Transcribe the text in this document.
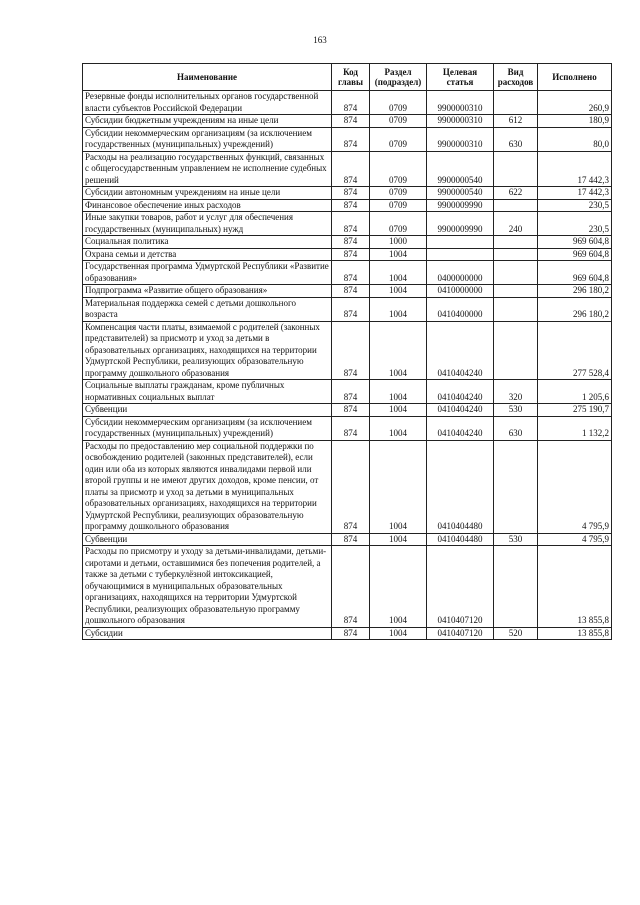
163
Наименование	Код главы	Раздел (подраздел)	Целевая статья	Вид расходов	Исполнено
Резервные фонды исполнительных органов государственной власти субъектов Российской Федерации	874	0709	9900000310		260,9
Субсидии бюджетным учреждениям на иные цели	874	0709	9900000310	612	180,9
Субсидии некоммерческим организациям (за исключением государственных (муниципальных) учреждений)	874	0709	9900000310	630	80,0
Расходы на реализацию государственных функций, связанных с общегосударственным управлением не исполнение судебных решений	874	0709	9900000540		17 442,3
Субсидии автономным учреждениям на иные цели	874	0709	9900000540	622	17 442,3
Финансовое обеспечение иных расходов	874	0709	9900009990		230,5
Иные закупки товаров, работ и услуг для обеспечения государственных (муниципальных) нужд	874	0709	9900009990	240	230,5
Социальная политика	874	1000			969 604,8
Охрана семьи и детства	874	1004			969 604,8
Государственная программа Удмуртской Республики «Развитие образования»	874	1004	0400000000		969 604,8
Подпрограмма «Развитие общего образования»	874	1004	0410000000		296 180,2
Материальная поддержка семей с детьми дошкольного возраста	874	1004	0410400000		296 180,2
Компенсация части платы, взимаемой с родителей (законных представителей) за присмотр и уход за детьми в образовательных организациях, находящихся на территории Удмуртской Республики, реализующих образовательную программу дошкольного образования	874	1004	0410404240		277 528,4
Социальные выплаты гражданам, кроме публичных нормативных социальных выплат	874	1004	0410404240	320	1 205,6
Субвенции	874	1004	0410404240	530	275 190,7
Субсидии некоммерческим организациям (за исключением государственных (муниципальных) учреждений)	874	1004	0410404240	630	1 132,2
Расходы по предоставлению мер социальной поддержки по освобождению родителей (законных представителей), если один или оба из которых являются инвалидами первой или второй группы и не имеют других доходов, кроме пенсии, от платы за присмотр и уход за детьми в муниципальных образовательных организациях, находящихся на территории Удмуртской Республики, реализующих образовательную программу дошкольного образования	874	1004	0410404480		4 795,9
Субвенции	874	1004	0410404480	530	4 795,9
Расходы по присмотру и уходу за детьми-инвалидами, детьми-сиротами и детьми, оставшимися без попечения родителей, а также за детьми с туберкулёзной интоксикацией, обучающимися в муниципальных образовательных организациях, находящихся на территории Удмуртской Республики, реализующих образовательную программу дошкольного образования	874	1004	0410407120		13 855,8
Субсидии	874	1004	0410407120	520	13 855,8
